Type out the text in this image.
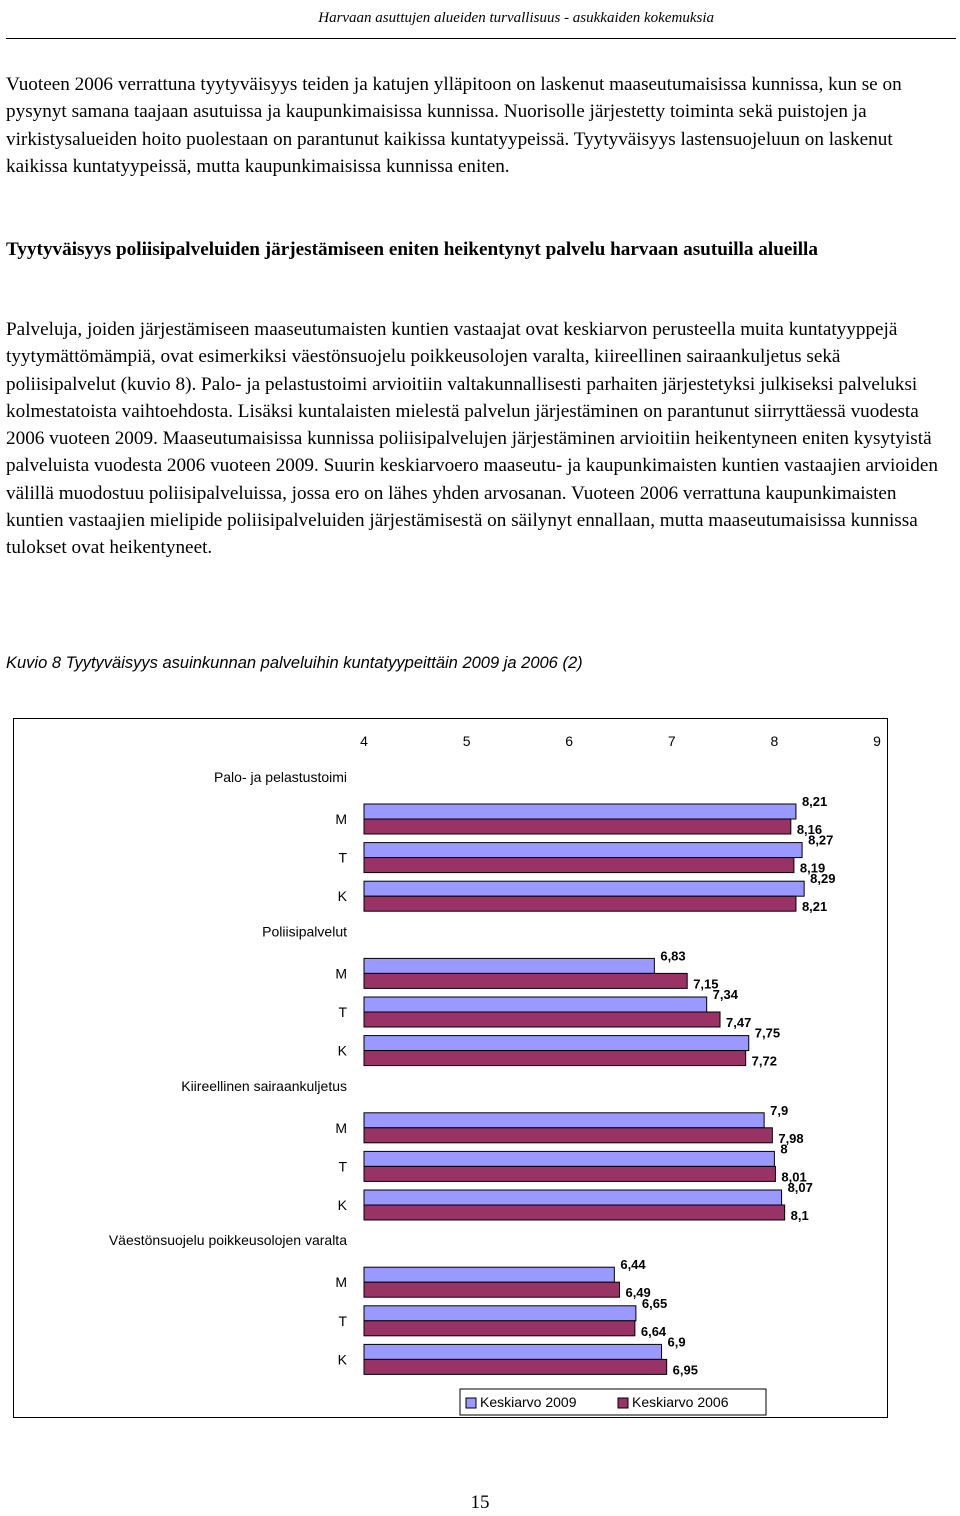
Harvaan asuttujen alueiden turvallisuus - asukkaiden kokemuksia

Vuoteen 2006 verrattuna tyytyväisyys teiden ja katujen ylläpitoon on laskenut maaseutumaisissa kunnissa, kun se on pysynyt samana taajaan asutuissa ja kaupunkimaisissa kunnissa. Nuorisolle järjestetty toiminta sekä puistojen ja virkistysalueiden hoito puolestaan on parantunut kaikissa kuntatyypeissä. Tyytyväisyys lastensuojeluun on laskenut kaikissa kuntatyypeissä, mutta kaupunkimaisissa kunnissa eniten.

Tyytyväisyys poliisipalveluiden järjestämiseen eniten heikentynyt palvelu harvaan asutuilla alueilla

Palveluja, joiden järjestämiseen maaseutumaisten kuntien vastaajat ovat keskiarvon perusteella muita kuntatyyppejä tyytymättömämpiä, ovat esimerkiksi väestönsuojelu poikkeusolojen varalta, kiireellinen sairaankuljetus sekä poliisipalvelut (kuvio 8). Palo- ja pelastustoimi arvioitiin valtakunnallisesti parhaiten järjestetyksi julkiseksi palveluksi kolmestatoista vaihtoehdosta. Lisäksi kuntalaisten mielestä palvelun järjestäminen on parantunut siirryttäessä vuodesta 2006 vuoteen 2009. Maaseutumaisissa kunnissa poliisipalvelujen järjestäminen arvioitiin heikentyneen eniten kysytyistä palveluista vuodesta 2006 vuoteen 2009. Suurin keskiarvoero maaseutu- ja kaupunkimaisten kuntien vastaajien arvioiden välillä muodostuu poliisipalveluissa, jossa ero on lähes yhden arvosanan. Vuoteen 2006 verrattuna kaupunkimaisten kuntien vastaajien mielipide poliisipalveluiden järjestämisestä on säilynyt ennallaan, mutta maaseutumaisissa kunnissa tulokset ovat heikentyneet.

Kuvio 8 Tyytyväisyys asuinkunnan palveluihin kuntatyypeittäin 2009 ja 2006 (2)
4	5	6	7	8	9
Palo- ja pelastustoimi
M
8,21
8,16
T
8,27
8,19
K
8,29
8,21
Poliisipalvelut
M
6,83
7,15
T
7,34
7,47
K
7,75
7,72
Kiireellinen sairaankuljetus
M
7,9
7,98
T
8
8,01
K
8,07
8,1
Väestönsuojelu poikkeusolojen varalta
M
6,44
6,49
T
6,65
6,64
K
6,9
6,95
Keskiarvo 2009	Keskiarvo 2006
15
